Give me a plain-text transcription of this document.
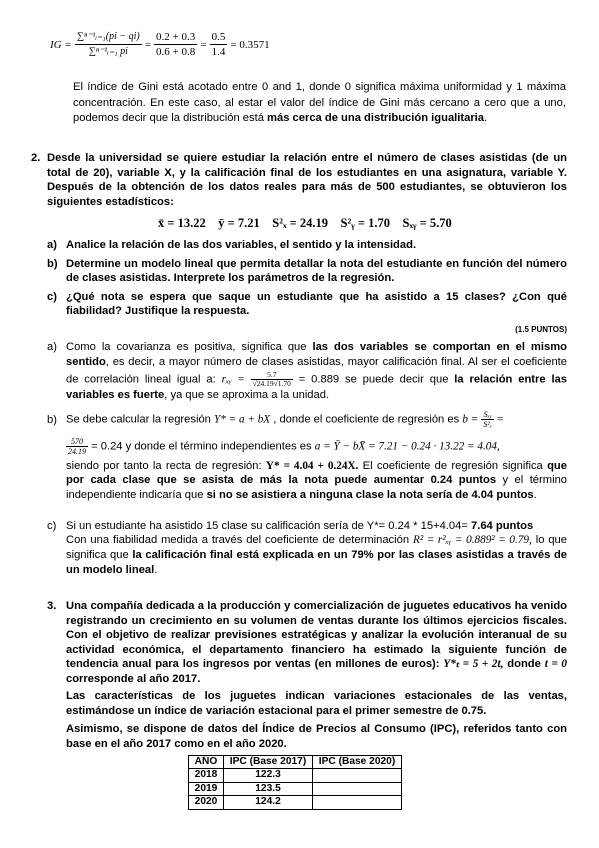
IG = $\frac{\text{∑ⁿ⁻¹ᵢ₌₁(pi − qi)}}{\text{∑ⁿ⁻¹ᵢ₌₁ pi}} = \frac{0.2 + 0.3}{0.6 + 0.8} = \frac{0.5}{1.4} = 0.3571$

El índice de Gini está acotado entre 0 and 1, donde 0 significa máxima uniformidad y 1 máxima concentración. En este caso, al estar el valor del índice de Gini más cercano a cero que a uno, podemos decir que la distribución está más cerca de una distribución igualitaria.

2. Desde la universidad se quiere estudiar la relación entre el número de clases asistidas (de un total de 20), variable X, y la calificación final de los estudiantes en una asignatura, variable Y. Después de la obtención de los datos reales para más de 500 estudiantes, se obtuvieron los siguientes estadísticos:

x̄ = 13.22 ȳ = 7.21 S²ₓ = 24.19 S²ᵧ = 1.70 Sₓᵧ = 5.70
a) Analice la relación de las dos variables, el sentido y la intensidad.

b) Determine un modelo lineal que permita detallar la nota del estudiante en función del número de clases asistidas. Interprete los parámetros de la regresión.

c) ¿Qué nota se espera que saque un estudiante que ha asistido a 15 clases? ¿Con qué fiabilidad? Justifique la respuesta.

(1.5 PUNTOS)
a) Como la covarianza es positiva, significa que las dos variables se comportan en el mismo sentido, es decir, a mayor número de clases asistidas, mayor calificación final. Al ser el coeficiente de correlación lineal igual a: rₓᵧ = $\frac{5.7}{√24.19√1.70} = 0.889$ se puede decir que la relación entre las variables es fuerte, ya que se aproxima a la unidad.

b) Se debe calcular la regresión Y* = a + bX , donde el coeficiente de regresión es $b = \frac{\text{Sₓᵧ}}{\text{S²ₓ}}$ =
$\frac{570}{24.19} = 0.24$ y donde el término independientes es a = Ȳ − bX̄ = 7.21 − 0.24 · 13.22 = 4.04,

siendo por tanto la recta de regresión: Y* = 4.04 + 0.24X. El coeficiente de regresión significa que por cada clase que se asista de más la nota puede aumentar 0.24 puntos y el término independiente indicaría que si no se asistiera a ninguna clase la nota sería de 4.04 puntos.

c) Si un estudiante ha asistido 15 clase su calificación sería de Y*= 0.24 * 15+4.04= 7.64 puntos

Con una fiabilidad medida a través del coeficiente de determinación R² = r²ₓᵧ = 0.889² = 0.79, lo que significa que la calificación final está explicada en un 79% por las clases asistidas a través de un modelo lineal.

3. Una compañía dedicada a la producción y comercialización de juguetes educativos ha venido registrando un crecimiento en su volumen de ventas durante los últimos ejercicios fiscales. Con el objetivo de realizar previsiones estratégicas y analizar la evolución interanual de su actividad económica, el departamento financiero ha estimado la siguiente función de tendencia anual para los ingresos por ventas (en millones de euros): Y*ₜ = 5 + 2t, donde t = 0 corresponde al año 2017.

Las características de los juguetes indican variaciones estacionales de las ventas, estimándose un índice de variación estacional para el primer semestre de 0.75.

Asimismo, se dispone de datos del Índice de Precios al Consumo (IPC), referidos tanto con base en el año 2017 como en el año 2020.

AÑO	IPC (Base 2017)	IPC (Base 2020)
2018	122.3	
2019	123.5	
2020	124.2	
